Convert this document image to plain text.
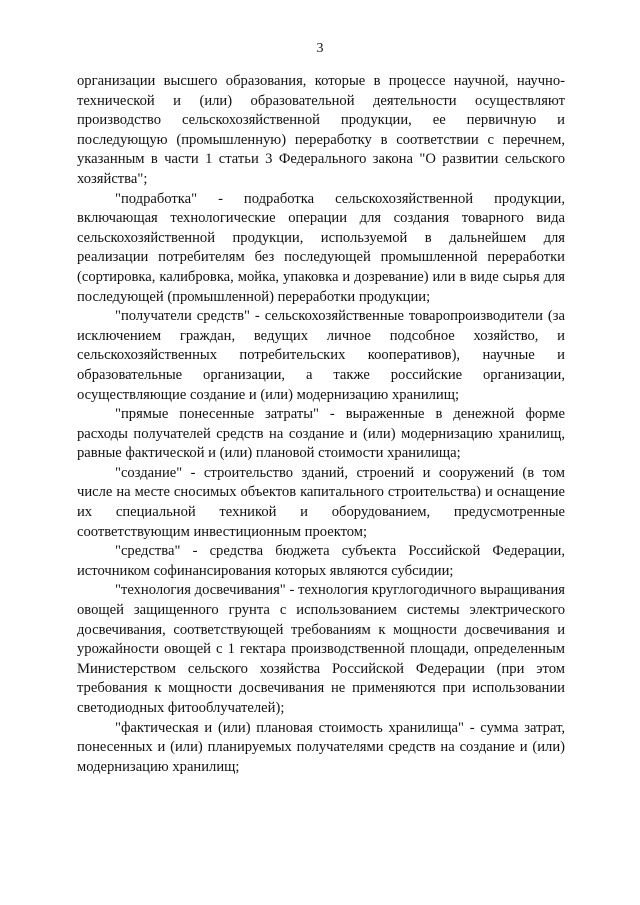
3

организации высшего образования, которые в процессе научной, научно-технической и (или) образовательной деятельности осуществляют производство сельскохозяйственной продукции, ее первичную и последующую (промышленную) переработку в соответствии с перечнем, указанным в части 1 статьи 3 Федерального закона "О развитии сельского хозяйства";

"подработка" - подработка сельскохозяйственной продукции, включающая технологические операции для создания товарного вида сельскохозяйственной продукции, используемой в дальнейшем для реализации потребителям без последующей промышленной переработки (сортировка, калибровка, мойка, упаковка и дозревание) или в виде сырья для последующей (промышленной) переработки продукции;

"получатели средств" - сельскохозяйственные товаропроизводители (за исключением граждан, ведущих личное подсобное хозяйство, и сельскохозяйственных потребительских кооперативов), научные и образовательные организации, а также российские организации, осуществляющие создание и (или) модернизацию хранилищ;

"прямые понесенные затраты" - выраженные в денежной форме расходы получателей средств на создание и (или) модернизацию хранилищ, равные фактической и (или) плановой стоимости хранилища;

"создание" - строительство зданий, строений и сооружений (в том числе на месте сносимых объектов капитального строительства) и оснащение их специальной техникой и оборудованием, предусмотренные соответствующим инвестиционным проектом;

"средства" - средства бюджета субъекта Российской Федерации, источником софинансирования которых являются субсидии;

"технология досвечивания" - технология круглогодичного выращивания овощей защищенного грунта с использованием системы электрического досвечивания, соответствующей требованиям к мощности досвечивания и урожайности овощей с 1 гектара производственной площади, определенным Министерством сельского хозяйства Российской Федерации (при этом требования к мощности досвечивания не применяются при использовании светодиодных фитооблучателей);

"фактическая и (или) плановая стоимость хранилища" - сумма затрат, понесенных и (или) планируемых получателями средств на создание и (или) модернизацию хранилищ;
